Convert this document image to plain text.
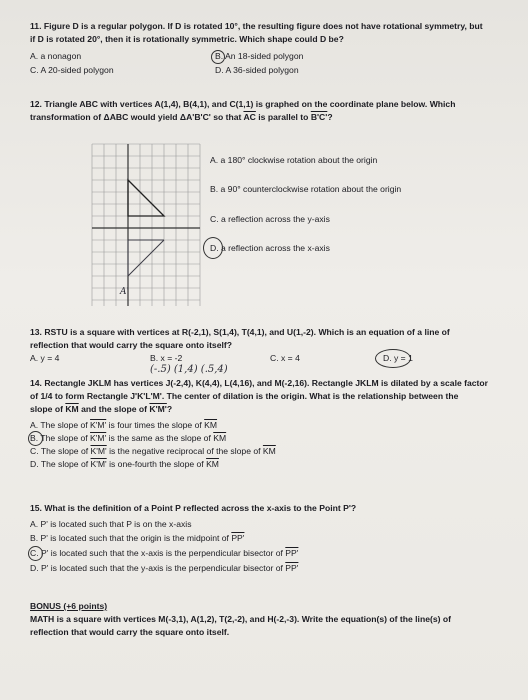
11. Figure D is a regular polygon. If D is rotated 10°, the resulting figure does not have rotational symmetry, but
if D is rotated 20°, then it is rotationally symmetric. Which shape could D be?
A. a nonagon	B. An 18-sided polygon
C. A 20-sided polygon	D. A 36-sided polygon
12. Triangle ABC with vertices A(1,4), B(4,1), and C(1,1) is graphed on the coordinate plane below. Which
transformation of ΔABC would yield ΔA'B'C' so that $\overline{AC}$ is parallel to B'C'?
A'
A. a 180° clockwise rotation about the origin
B. a 90° counterclockwise rotation about the origin
C. a reflection across the y-axis
D. a reflection across the x-axis
13. RSTU is a square with vertices at R(-2,1), S(1,4), T(4,1), and U(1,-2). Which is an equation of a line of
reflection that would carry the square onto itself?
A. y = 4	B. x = -2	C. x = 4	D. y = 1
(-.5) (1,4) (.5,4)
14. Rectangle JKLM has vertices J(-2,4), K(4,4), L(4,16), and M(-2,16). Rectangle JKLM is dilated by a scale factor
of 1/4 to form Rectangle J'K'L'M'. The center of dilation is the origin. What is the relationship between the
slope of $\overline{KM}$ and the slope of K'M'?
A. The slope of K'M' is four times the slope of $\overline{KM}$
B. The slope of K'M' is the same as the slope of $\overline{KM}$
C. The slope of K'M' is the negative reciprocal of the slope of $\overline{KM}$
D. The slope of K'M' is one-fourth the slope of $\overline{KM}$
15. What is the definition of a Point P reflected across the x-axis to the Point P'?
A. P' is located such that P is on the x-axis
B. P' is located such that the origin is the midpoint of PP'
C. P' is located such that the x-axis is the perpendicular bisector of PP'
D. P' is located such that the y-axis is the perpendicular bisector of PP'
BONUS (+6 points)
MATH is a square with vertices M(-3,1), A(1,2), T(2,-2), and H(-2,-3). Write the equation(s) of the line(s) of
reflection that would carry the square onto itself.
